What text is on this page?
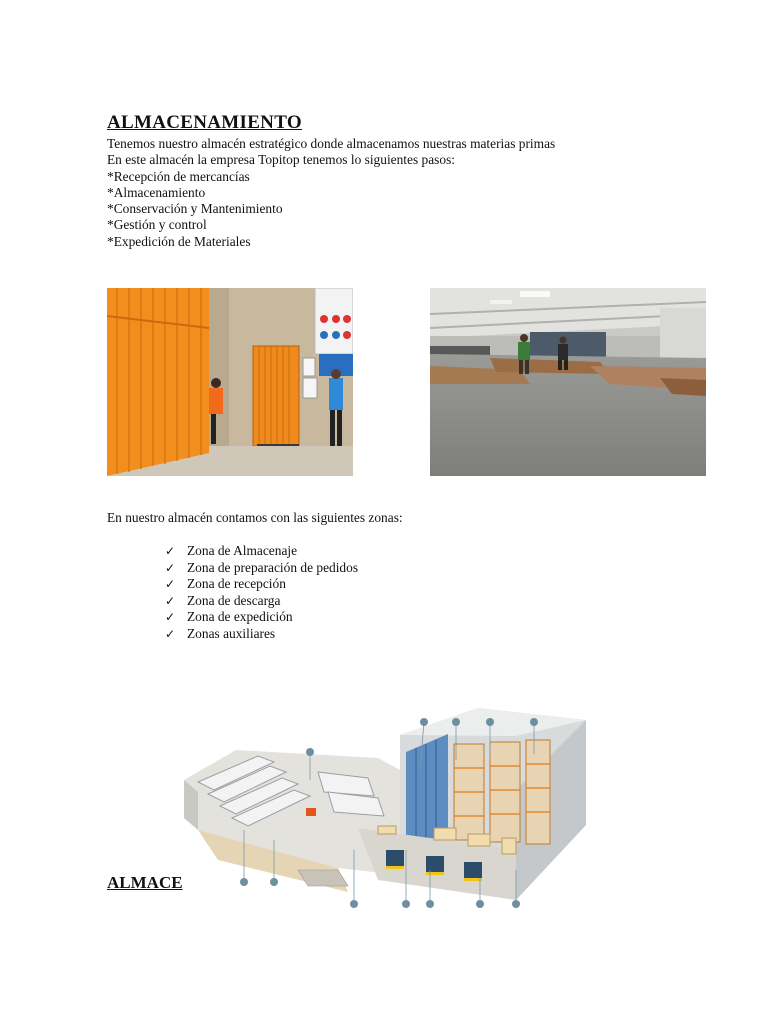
ALMACENAMIENTO
Tenemos nuestro almacén estratégico donde almacenamos nuestras materias primas
En este almacén la empresa Topitop tenemos lo siguientes pasos:
*Recepción de mercancías
*Almacenamiento
*Conservación y Mantenimiento
*Gestión y control
*Expedición de Materiales
En nuestro almacén contamos con las siguientes zonas:
✓ Zona de Almacenaje
✓ Zona de preparación de pedidos
✓ Zona de recepción
✓ Zona de descarga
✓ Zona de expedición
✓ Zonas auxiliares
ALMACE
